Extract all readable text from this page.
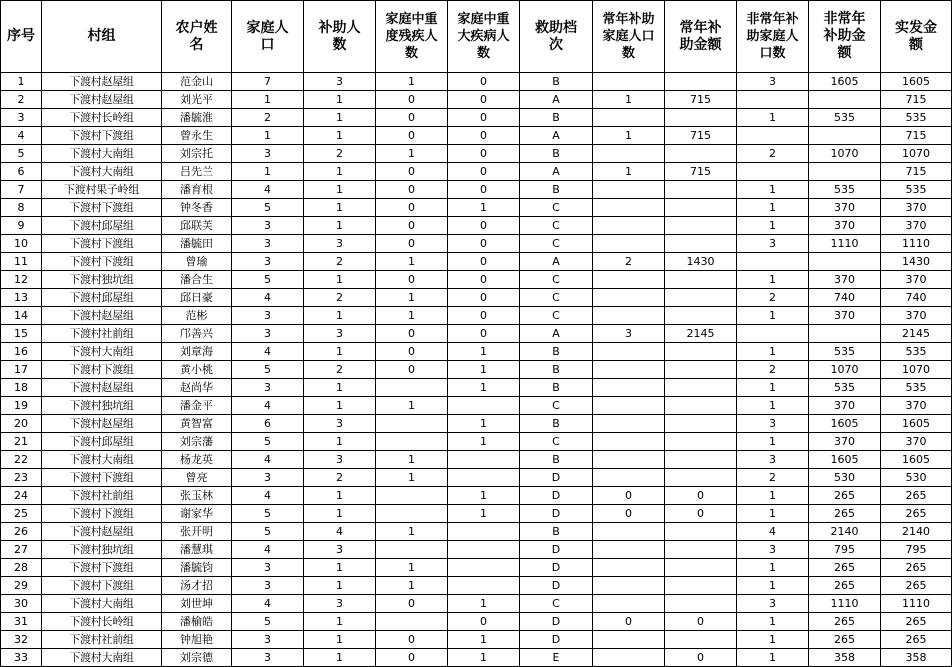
序号	村组	农户姓名	家庭人口	补助人数	家庭中重度残疾人数	家庭中重大疾病人数	救助档次	常年补助家庭人口数	常年补助金额	非常年补助家庭人口数	非常年补助金额	实发金额
1	下渡村赵屋组	范金山	7	3	1	0	B			3	1605	1605
2	下渡村赵屋组	刘光平	1	1	0	0	A	1	715			715
3	下渡村长岭组	潘毓淮	2	1	0	0	B			1	535	535
4	下渡村下渡组	曾永生	1	1	0	0	A	1	715			715
5	下渡村大南组	刘宗托	3	2	1	0	B			2	1070	1070
6	下渡村大南组	吕先兰	1	1	0	0	A	1	715			715
7	下渡村果子岭组	潘育根	4	1	0	0	B			1	535	535
8	下渡村下渡组	钟冬香	5	1	0	1	C			1	370	370
9	下渡村邱屋组	邱联芙	3	1	0	0	C			1	370	370
10	下渡村下渡组	潘毓田	3	3	0	0	C			3	1110	1110
11	下渡村下渡组	曾瑜	3	2	1	0	A	2	1430			1430
12	下渡村独坑组	潘合生	5	1	0	0	C			1	370	370
13	下渡村邱屋组	邱日豪	4	2	1	0	C			2	740	740
14	下渡村赵屋组	范彬	3	1	1	0	C			1	370	370
15	下渡村社前组	邝善兴	3	3	0	0	A	3	2145			2145
16	下渡村大南组	刘章海	4	1	0	1	B			1	535	535
17	下渡村下渡组	黄小桃	5	2	0	1	B			2	1070	1070
18	下渡村赵屋组	赵尚华	3	1		1	B			1	535	535
19	下渡村独坑组	潘金平	4	1	1		C			1	370	370
20	下渡村赵屋组	黄智富	6	3		1	B			3	1605	1605
21	下渡村邱屋组	刘宗藩	5	1		1	C			1	370	370
22	下渡村大南组	杨龙英	4	3	1		B			3	1605	1605
23	下渡村下渡组	曾亮	3	2	1		D			2	530	530
24	下渡村社前组	张玉林	4	1		1	D	0	0	1	265	265
25	下渡村下渡组	谢家华	5	1		1	D	0	0	1	265	265
26	下渡村赵屋组	张开明	5	4	1		B			4	2140	2140
27	下渡村独坑组	潘慧琪	4	3			D			3	795	795
28	下渡村下渡组	潘毓钧	3	1	1		D			1	265	265
29	下渡村下渡组	汤才招	3	1	1		D			1	265	265
30	下渡村大南组	刘世坤	4	3	0	1	C			3	1110	1110
31	下渡村长岭组	潘榆皓	5	1		0	D	0	0	1	265	265
32	下渡村社前组	钟旭艳	3	1	0	1	D			1	265	265
33	下渡村大南组	刘宗德	3	1	0	1	E		0	1	358	358
